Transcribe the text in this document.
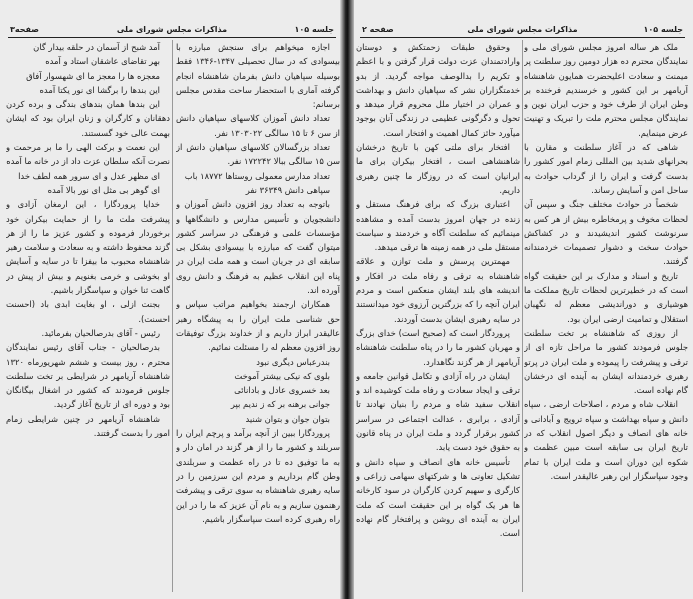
جلسه ۱۰۵
مذاکرات مجلس شورای ملی
صفحه۳

اجازه میخواهم برای سنجش مبارزه با بیسوادی که در سال تحصیلی ۱۳۴۷-۱۳۴۶ فقط بوسیله سپاهیان دانش بفرمان شاهنشاه انجام گرفته آماری با استحضار ساحت مقدس مجلس برسانم:

تعداد دانش آموزان کلاسهای سپاهیان دانش از سن ۶ تا ۱۵ سالگی ۱۳۰۳۰۲۲ نفر.

تعداد بزرگسالان کلاسهای سپاهیان دانش از سن ۱۵ سالگی ببالا ۱۷۲۲۴۲ نفر.

تعداد مدارس معمولی روستاها ۱۸۷۷۲ باب

سپاهی دانش ۳۶۳۴۹ نفر

باتوجه به تعداد روز افزون دانش آموزان و دانشجویان و تأسیس مدارس و دانشگاهها و مؤسسات علمی و فرهنگی در سراسر کشور میتوان گفت که مبارزه با بیسوادی بشکل بی سابقه ای در جریان است و همه ملت ایران در پناه این انقلاب عظیم به فرهنگ و دانش روی آورده اند.

همکاران ارجمند بخواهیم مراتب سپاس و حق شناسی ملت ایران را به پیشگاه رهبر عالیقدر ابراز داریم و از خداوند بزرگ توفیقات روز افزون معظم له را مسئلت نمائیم.

بندرعباس دیگری نبود

بلوی که نیکی بیشتر آموخت

بعد خسروی عادل و بادانائی

جوانی برهنه بر که ز ندیم بپر

بتوان جوان و بتوان شنید

پروردگارا ببین از آنچه برآمد و پرچم ایران را سربلند و کشور ما را از هر گزند در امان دار و به ما توفیق ده تا در راه عظمت و سربلندی وطن گام برداریم و مردم این سرزمین را در سایه رهبری شاهنشاه به سوی ترقی و پیشرفت رهنمون سازیم و به نام آن عزیز که ما را در این راه رهبری کرده است سپاسگزار باشیم.

آمد شبح از آسمان در حلقه بیدار گان

بهر تقاضای عاشقان استاد و آمده

معجزه ها را معجز ما ای شهسوار آفاق

این بندها را برگشا ای نور یکتا آمده

این بندها همان بندهای بندگی و برده کردن دهقانان و کارگران و زنان ایران بود که ایشان بهمت عالی خود گسستند.

این نعمت و برکت الهی را ما بر مرحمت و نصرت آنکه سلطان عزت داد از در خانه ما آمده

ای مظهر عدل و ای سرور همه لطف خدا

ای گوهر بی مثل ای نور بالا آمده

خدایا پروردگارا ، این ارمغان آزادی و پیشرفت ملت ما را از حمایت بیکران خود برخوردار فرموده و کشور عزیز ما را از هر گزند محفوظ داشته و به سعادت و سلامت رهبر شاهنشاه محبوب ما بیفزا تا در سایه و آسایش او بخوشی و خرمی بغنویم و بیش از پیش در گاهت ثنا خوان و سپاسگزار باشیم.

بجنت ازلی ، او بغایت ابدی باد (احسنت احسنت).

رئیس - آقای بدرصالحیان بفرمائید.

بدرصالحیان - جناب آقای رئیس نمایندگان محترم ، روز بیست و ششم شهریورماه ۱۳۲۰ شاهنشاه آریامهر در شرایطی بر تخت سلطنت جلوس فرمودند که کشور در اشغال بیگانگان بود و دوره ای از تاریخ آغاز گردید.

شاهنشاه آریامهر در چنین شرایطی زمام امور را بدست گرفتند.

جلسه ۱۰۵
مذاکرات مجلس شورای ملی
صفحه ۲

ملک هر ساله امروز مجلس شورای ملی و نمایندگان محترم ده هزار دومین روز سلطنت پر میمنت و سعادت اعلیحضرت همایون شاهنشاه آریامهر بر این کشور و خرسندیم فرخنده بر وطن ایران از طرف خود و حزب ایران نوین و نمایندگان مجلس محترم ملت را تبریک و تهنیت عرض مینمایم.

شاهی که در آغاز سلطنت و مقارن با بحرانهای شدید بین المللی زمام امور کشور را بدست گرفت و ایران را از گرداب حوادث به ساحل امن و آسایش رساند.

شخصاً در حوادث مختلف جنگ و سپس آن لحظات مخوف و پرمخاطره بیش از هر کس به سرنوشت کشور اندیشیدند و در کشاکش حوادث سخت و دشوار تصمیمات خردمندانه گرفتند.

تاریخ و اسناد و مدارک بر این حقیقت گواه است که در خطیرترین لحظات تاریخ مملکت ما هوشیاری و دوراندیشی معظم له نگهبان استقلال و تمامیت ارضی ایران بود.

از روزی که شاهنشاه بر تخت سلطنت جلوس فرمودند کشور ما مراحل تازه ای از ترقی و پیشرفت را پیموده و ملت ایران در پرتو رهبری خردمندانه ایشان به آینده ای درخشان گام نهاده است.

انقلاب شاه و مردم ، اصلاحات ارضی ، سپاه دانش و سپاه بهداشت و سپاه ترویج و آبادانی و خانه های انصاف و دیگر اصول انقلاب که در تاریخ ایران بی سابقه است مبین عظمت و شکوه این دوران است و ملت ایران با تمام وجود سپاسگزار این رهبر عالیقدر است.

وحقوق طبقات زحمتکش و دوستان وارادتمندان عزت دولت قرار گرفتن و با اعظم و تکریم را بدالوصف مواجه گردید. از بدو خدمتگزاران نشر که سپاهیان دانش و بهداشت و عمران در اختیار ملل محروم قرار میدهد و تحول و دگرگونی عظیمی در زندگی آنان بوجود میآورد حائز کمال اهمیت و افتخار است.

افتخار برای ملتی کهن با تاریخ درخشان شاهنشاهی است ، افتخار بیکران برای ما ایرانیان است که در روزگار ما چنین رهبری داریم.

اعتباری بزرگ که برای فرهنگ مستقل و زنده در جهان امروز بدست آمده و مشاهده مینمائیم که سلطنت آگاه و خردمند و سیاست مستقل ملی در همه زمینه ها ترقی میدهد.

مهمترین پرسش و ملت توازن و علاقه شاهنشاه به ترقی و رفاه ملت در افکار و اندیشه های بلند ایشان منعکس است و مردم ایران آنچه را که بزرگترین آرزوی خود میدانستند در سایه رهبری ایشان بدست آوردند.

پروردگار است که (صحیح است) خدای بزرگ و مهربان کشور ما را در پناه سلطنت شاهنشاه آریامهر از هر گزند نگاهدارد.

ایشان در راه آزادی و تکامل قوانین جامعه و ترقی و ایجاد سعادت و رفاه ملت کوشیده اند و انقلاب سفید شاه و مردم را بنیان نهادند تا آزادی ، برابری ، عدالت اجتماعی در سراسر کشور برقرار گردد و ملت ایران در پناه قانون به حقوق خود دست یابد.

تأسیس خانه های انصاف و سپاه دانش و تشکیل تعاونی ها و شرکتهای سهامی زراعی و کارگری و سهیم کردن کارگران در سود کارخانه ها هر یک گواه بر این حقیقت است که ملت ایران به آینده ای روشن و پرافتخار گام نهاده است.
